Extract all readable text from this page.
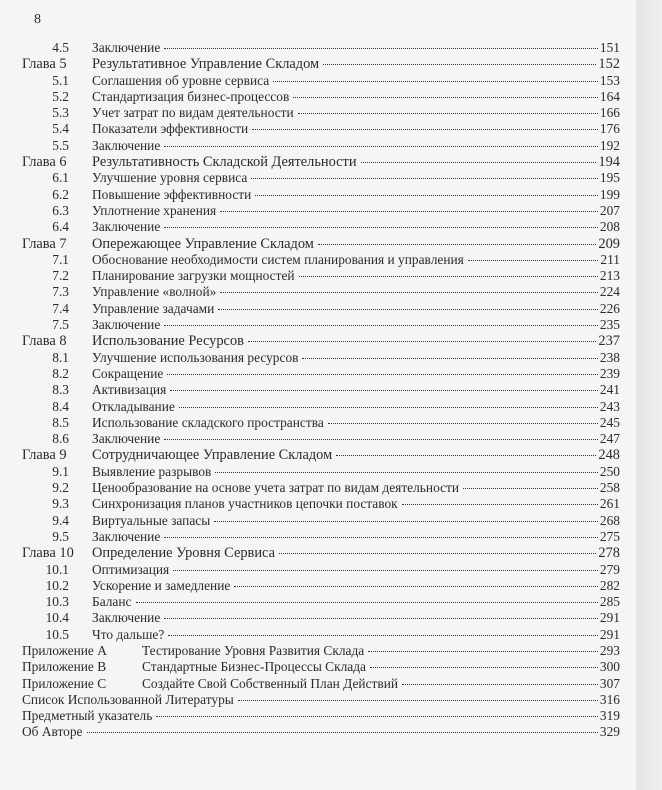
8
4.5 Заключение	151
Глава 5 Результативное Управление Складом	152
5.1 Соглашения об уровне сервиса	153
5.2 Стандартизация бизнес-процессов	164
5.3 Учет затрат по видам деятельности	166
5.4 Показатели эффективности	176
5.5 Заключение	192
Глава 6 Результативность Складской Деятельности	194
6.1 Улучшение уровня сервиса	195
6.2 Повышение эффективности	199
6.3 Уплотнение хранения	207
6.4 Заключение	208
Глава 7 Опережающее Управление Складом	209
7.1 Обоснование необходимости систем планирования и управления	211
7.2 Планирование загрузки мощностей	213
7.3 Управление «волной»	224
7.4 Управление задачами	226
7.5 Заключение	235
Глава 8 Использование Ресурсов	237
8.1 Улучшение использования ресурсов	238
8.2 Сокращение	239
8.3 Активизация	241
8.4 Откладывание	243
8.5 Использование складского пространства	245
8.6 Заключение	247
Глава 9 Сотрудничающее Управление Складом	248
9.1 Выявление разрывов	250
9.2 Ценообразование на основе учета затрат по видам деятельности	258
9.3 Синхронизация планов участников цепочки поставок	261
9.4 Виртуальные запасы	268
9.5 Заключение	275
Глава 10 Определение Уровня Сервиса	278
10.1 Оптимизация	279
10.2 Ускорение и замедление	282
10.3 Баланс	285
10.4 Заключение	291
10.5 Что дальше?	291
Приложение А	Тестирование Уровня Развития Склада	293
Приложение В	Стандартные Бизнес-Процессы Склада	300
Приложение С	Создайте Свой Собственный План Действий	307
Список Использованной Литературы	316
Предметный указатель	319
Об Авторе	329
